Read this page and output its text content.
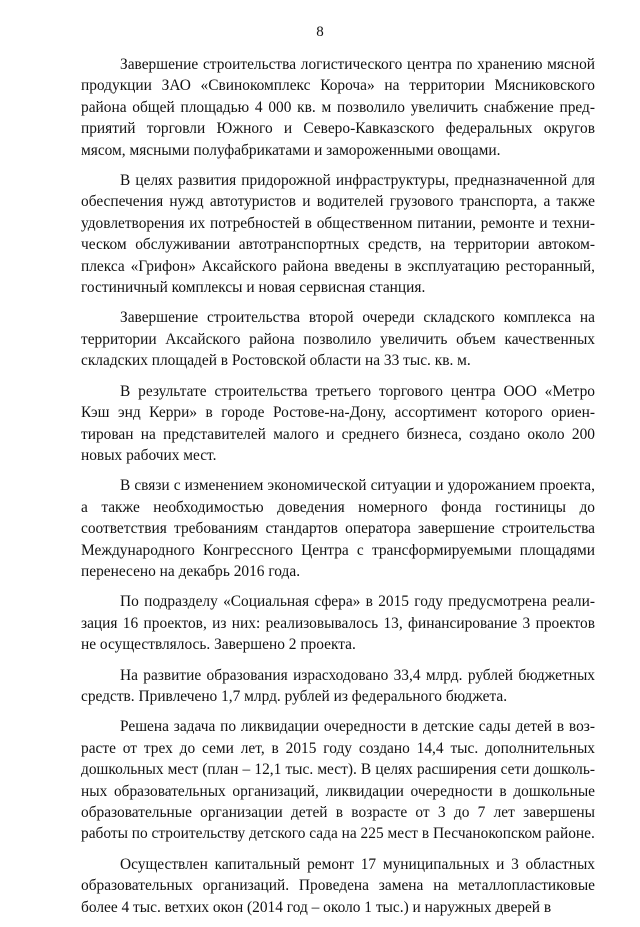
8

Завершение строительства логистического центра по хранению мясной продукции ЗАО «Свинокомплекс Короча» на территории Мясниковского района общей площадью 4 000 кв. м позволило увеличить снабжение предприятий торговли Южного и Северо-Кавказского федеральных округов мясом, мясными полуфабрикатами и замороженными овощами.

В целях развития придорожной инфраструктуры, предназначенной для обеспечения нужд автотуристов и водителей грузового транспорта, а также удовлетворения их потребностей в общественном питании, ремонте и техническом обслуживании автотранспортных средств, на территории автокомплекса «Грифон» Аксайского района введены в эксплуатацию ресторанный, гостиничный комплексы и новая сервисная станция.

Завершение строительства второй очереди складского комплекса на территории Аксайского района позволило увеличить объем качественных складских площадей в Ростовской области на 33 тыс. кв. м.

В результате строительства третьего торгового центра ООО «Метро Кэш энд Керри» в городе Ростове-на-Дону, ассортимент которого ориентирован на представителей малого и среднего бизнеса, создано около 200 новых рабочих мест.

В связи с изменением экономической ситуации и удорожанием проекта, а также необходимостью доведения номерного фонда гостиницы до соответствия требованиям стандартов оператора завершение строительства Международного Конгрессного Центра с трансформируемыми площадями перенесено на декабрь 2016 года.

По подразделу «Социальная сфера» в 2015 году предусмотрена реализация 16 проектов, из них: реализовывалось 13, финансирование 3 проектов не осуществлялось. Завершено 2 проекта.

На развитие образования израсходовано 33,4 млрд. рублей бюджетных средств. Привлечено 1,7 млрд. рублей из федерального бюджета.

Решена задача по ликвидации очередности в детские сады детей в возрасте от трех до семи лет, в 2015 году создано 14,4 тыс. дополнительных дошкольных мест (план – 12,1 тыс. мест). В целях расширения сети дошкольных образовательных организаций, ликвидации очередности в дошкольные образовательные организации детей в возрасте от 3 до 7 лет завершены работы по строительству детского сада на 225 мест в Песчанокопском районе.

Осуществлен капитальный ремонт 17 муниципальных и 3 областных образовательных организаций. Проведена замена на металлопластиковые более 4 тыс. ветхих окон (2014 год – около 1 тыс.) и наружных дверей в
